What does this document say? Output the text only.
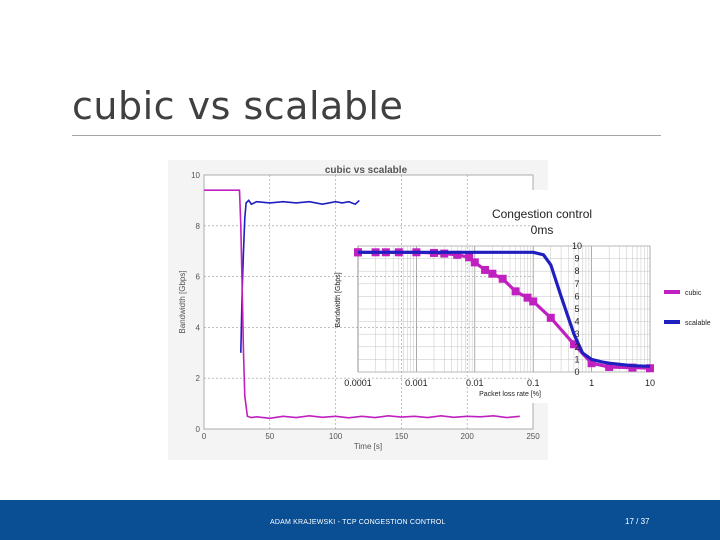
cubic vs scalable
0	50	100	150	200	250
0
2
4
6
8
10
0
1
2
3
4
5
6
7
8
9
10
0.0001	0.001	0.01	0.1	1	10
cubic vs scalable
Time [s]
Bandwidth [Gbps]
Congestion control
0ms
Packet loss rate [%]
Bandwidth [Gbps]	cubic
scalable
ADAM KRAJEWSKI - TCP CONGESTION CONTROL	17 / 37
